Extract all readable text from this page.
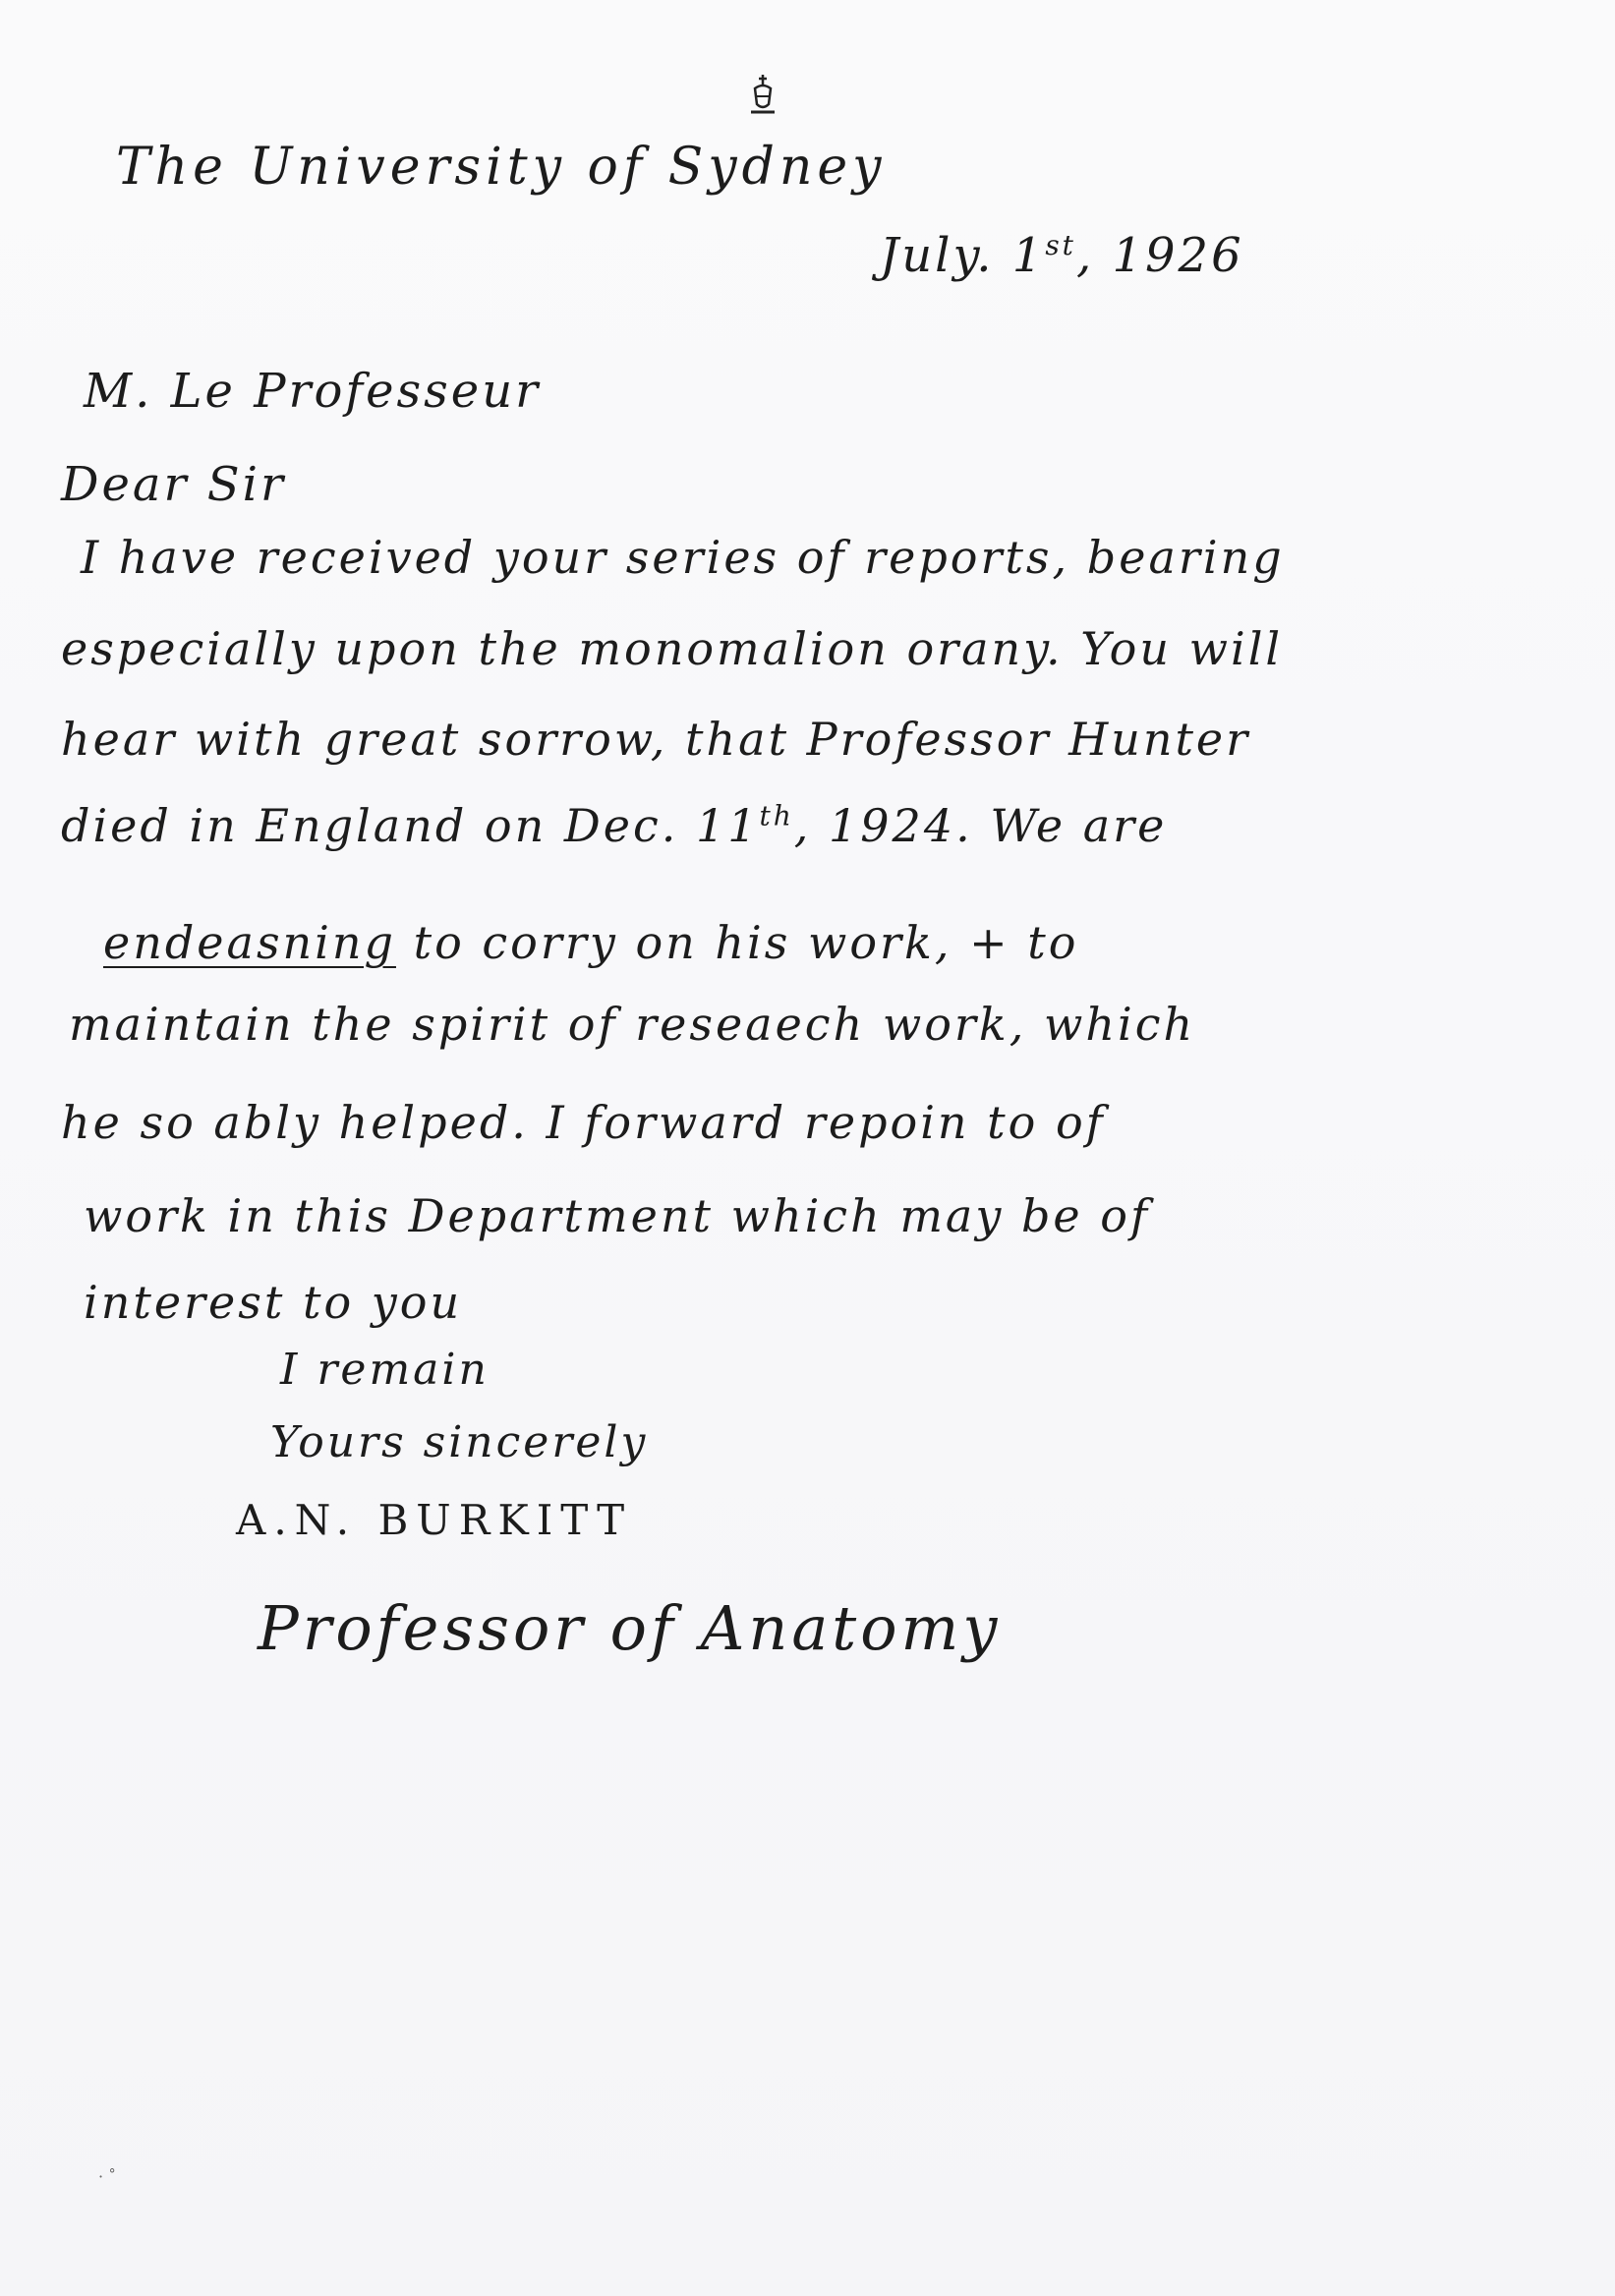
The University of Sydney
July. 1st, 1926
M. Le Professeur
Dear Sir
I have received your series of reports, bearing
especially upon the monomalion orany. You will
hear with great sorrow, that Professor Hunter
died in England on Dec. 11th, 1924. We are
endeasning to corry on his work, + to
maintain the spirit of reseaech work, which
he so ably helped. I forward repoin to of
work in this Department which may be of
interest to you
I remain
Yours sincerely
A.N. BURKITT
Professor of Anatomy
· ˚
